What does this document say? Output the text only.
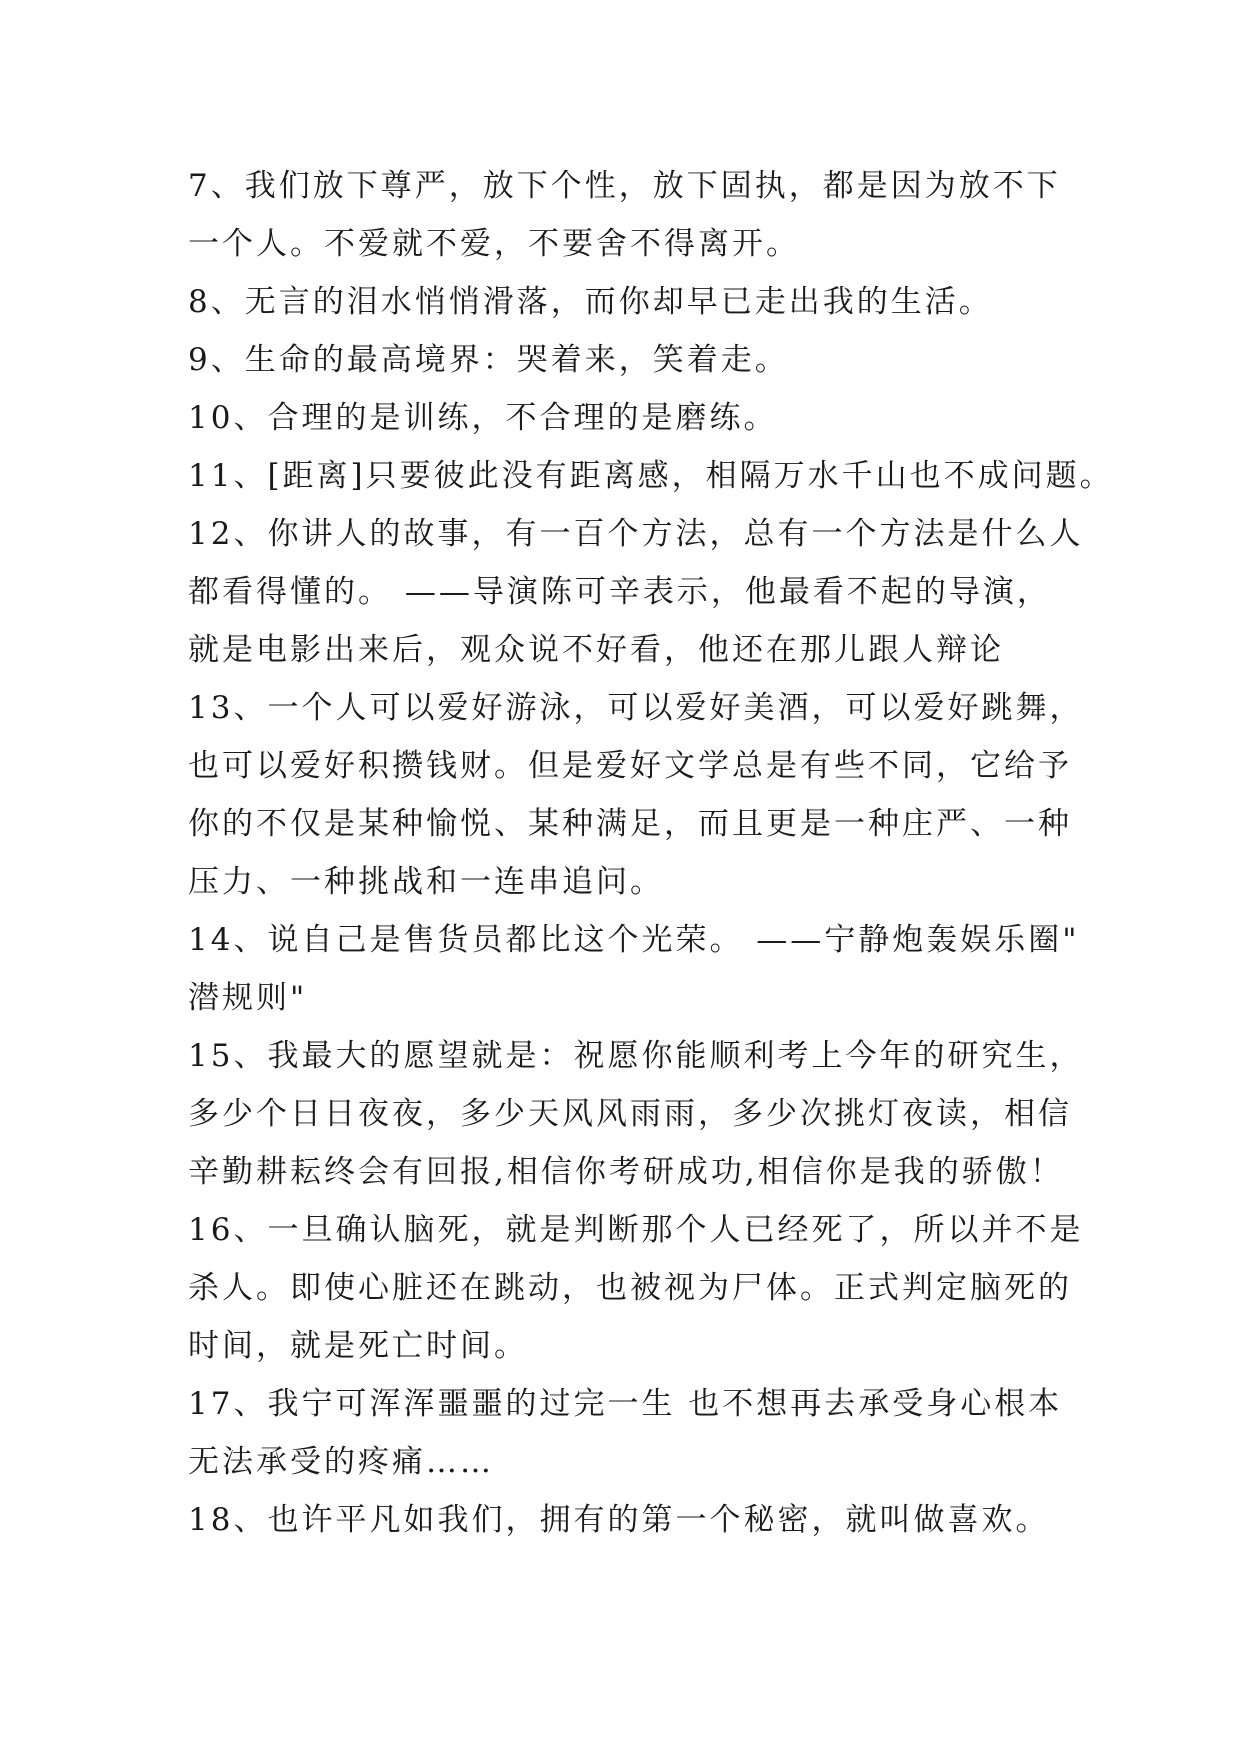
7、我们放下尊严，放下个性，放下固执，都是因为放不下
一个人。不爱就不爱，不要舍不得离开。
8、无言的泪水悄悄滑落，而你却早已走出我的生活。
9、生命的最高境界：哭着来，笑着走。
10、合理的是训练，不合理的是磨练。
11、[距离]只要彼此没有距离感，相隔万水千山也不成问题。
12、你讲人的故事，有一百个方法，总有一个方法是什么人
都看得懂的。 ——导演陈可辛表示，他最看不起的导演，
就是电影出来后，观众说不好看，他还在那儿跟人辩论
13、一个人可以爱好游泳，可以爱好美酒，可以爱好跳舞，
也可以爱好积攒钱财。但是爱好文学总是有些不同，它给予
你的不仅是某种愉悦、某种满足，而且更是一种庄严、一种
压力、一种挑战和一连串追问。
14、说自己是售货员都比这个光荣。 ——宁静炮轰娱乐圈"
潜规则"
15、我最大的愿望就是：祝愿你能顺利考上今年的研究生，
多少个日日夜夜，多少天风风雨雨，多少次挑灯夜读，相信
辛勤耕耘终会有回报,相信你考研成功,相信你是我的骄傲！
16、一旦确认脑死，就是判断那个人已经死了，所以并不是
杀人。即使心脏还在跳动，也被视为尸体。正式判定脑死的
时间，就是死亡时间。
17、我宁可浑浑噩噩的过完一生 也不想再去承受身心根本
无法承受的疼痛……
18、也许平凡如我们，拥有的第一个秘密，就叫做喜欢。
